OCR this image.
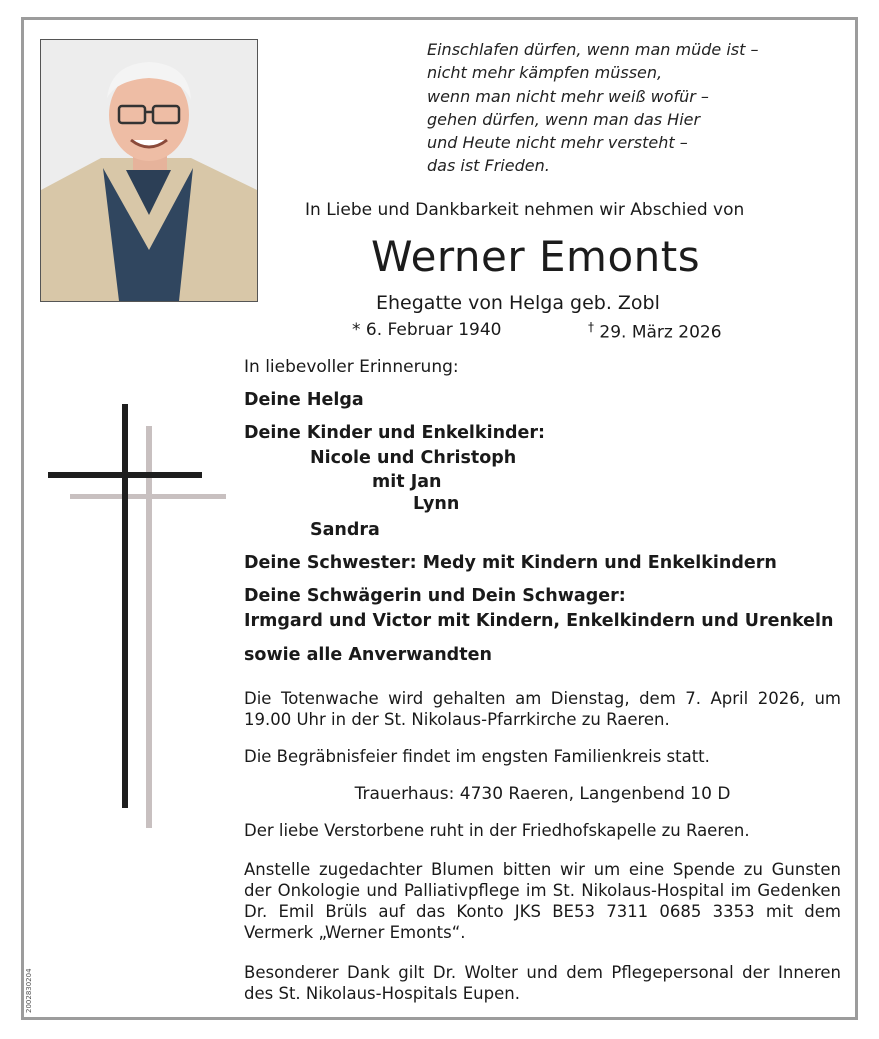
Einschlafen dürfen, wenn man müde ist –
nicht mehr kämpfen müssen,
wenn man nicht mehr weiß wofür –
gehen dürfen, wenn man das Hier
und Heute nicht mehr versteht –
das ist Frieden.
In Liebe und Dankbarkeit nehmen wir Abschied von
Werner Emonts
Ehegatte von Helga geb. Zobl
* 6. Februar 1940	† 29. März 2026
In liebevoller Erinnerung:
Deine Helga
Deine Kinder und Enkelkinder:
Nicole und Christoph
mit Jan
Lynn
Sandra
Deine Schwester: Medy mit Kindern und Enkelkindern
Deine Schwägerin und Dein Schwager:
Irmgard und Victor mit Kindern, Enkelkindern und Urenkeln
sowie alle Anverwandten
Die Totenwache wird gehalten am Dienstag, dem 7. April 2026, um 19.00 Uhr in der St. Nikolaus-Pfarrkirche zu Raeren.
Die Begräbnisfeier findet im engsten Familienkreis statt.
Trauerhaus: 4730 Raeren, Langenbend 10 D
Der liebe Verstorbene ruht in der Friedhofskapelle zu Raeren.
Anstelle zugedachter Blumen bitten wir um eine Spende zu Gunsten der Onkologie und Palliativpflege im St. Nikolaus-Hospital im Gedenken Dr. Emil Brüls auf das Konto JKS BE53 7311 0685 3353 mit dem Vermerk „Werner Emonts“.
Besonderer Dank gilt Dr. Wolter und dem Pflegepersonal der Inneren des St. Nikolaus-Hospitals Eupen.
2002830204
